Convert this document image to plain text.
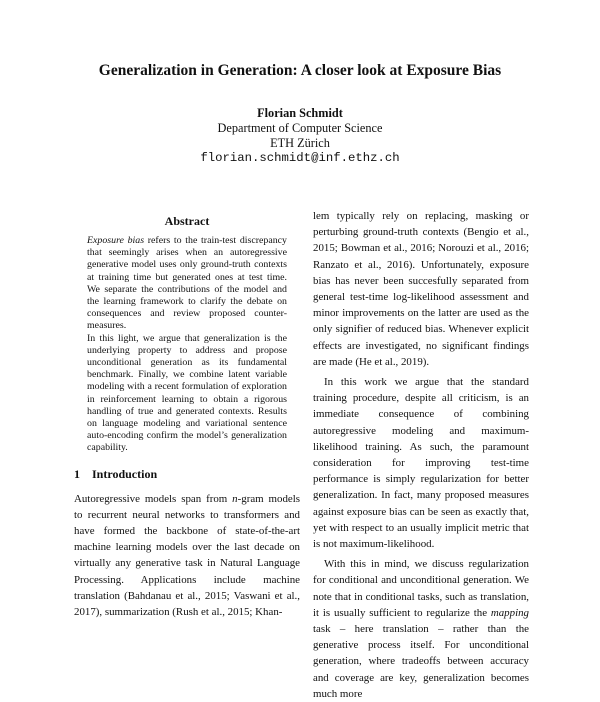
Generalization in Generation: A closer look at Exposure Bias
Florian Schmidt
Department of Computer Science
ETH Zürich
florian.schmidt@inf.ethz.ch
Abstract

Exposure bias refers to the train-test discrepancy that seemingly arises when an autoregressive generative model uses only ground-truth contexts at training time but generated ones at test time. We separate the contributions of the model and the learning framework to clarify the debate on consequences and review proposed counter-measures.

In this light, we argue that generalization is the underlying property to address and propose unconditional generation as its fundamental benchmark. Finally, we combine latent variable modeling with a recent formulation of exploration in reinforcement learning to obtain a rigorous handling of true and generated contexts. Results on language modeling and variational sentence auto-encoding confirm the model’s generalization capability.

1 Introduction

Autoregressive models span from n-gram models to recurrent neural networks to transformers and have formed the backbone of state-of-the-art machine learning models over the last decade on virtually any generative task in Natural Language Processing. Applications include machine translation (Bahdanau et al., 2015; Vaswani et al., 2017), summarization (Rush et al., 2015; Khan-

lem typically rely on replacing, masking or perturbing ground-truth contexts (Bengio et al., 2015; Bowman et al., 2016; Norouzi et al., 2016; Ranzato et al., 2016). Unfortunately, exposure bias has never been succesfully separated from general test-time log-likelihood assessment and minor improvements on the latter are used as the only signifier of reduced bias. Whenever explicit effects are investigated, no significant findings are made (He et al., 2019).

In this work we argue that the standard training procedure, despite all criticism, is an immediate consequence of combining autoregressive modeling and maximum-likelihood training. As such, the paramount consideration for improving test-time performance is simply regularization for better generalization. In fact, many proposed measures against exposure bias can be seen as exactly that, yet with respect to an usually implicit metric that is not maximum-likelihood.

With this in mind, we discuss regularization for conditional and unconditional generation. We note that in conditional tasks, such as translation, it is usually sufficient to regularize the mapping task – here translation – rather than the generative process itself. For unconditional generation, where tradeoffs between accuracy and coverage are key, generalization becomes much more
